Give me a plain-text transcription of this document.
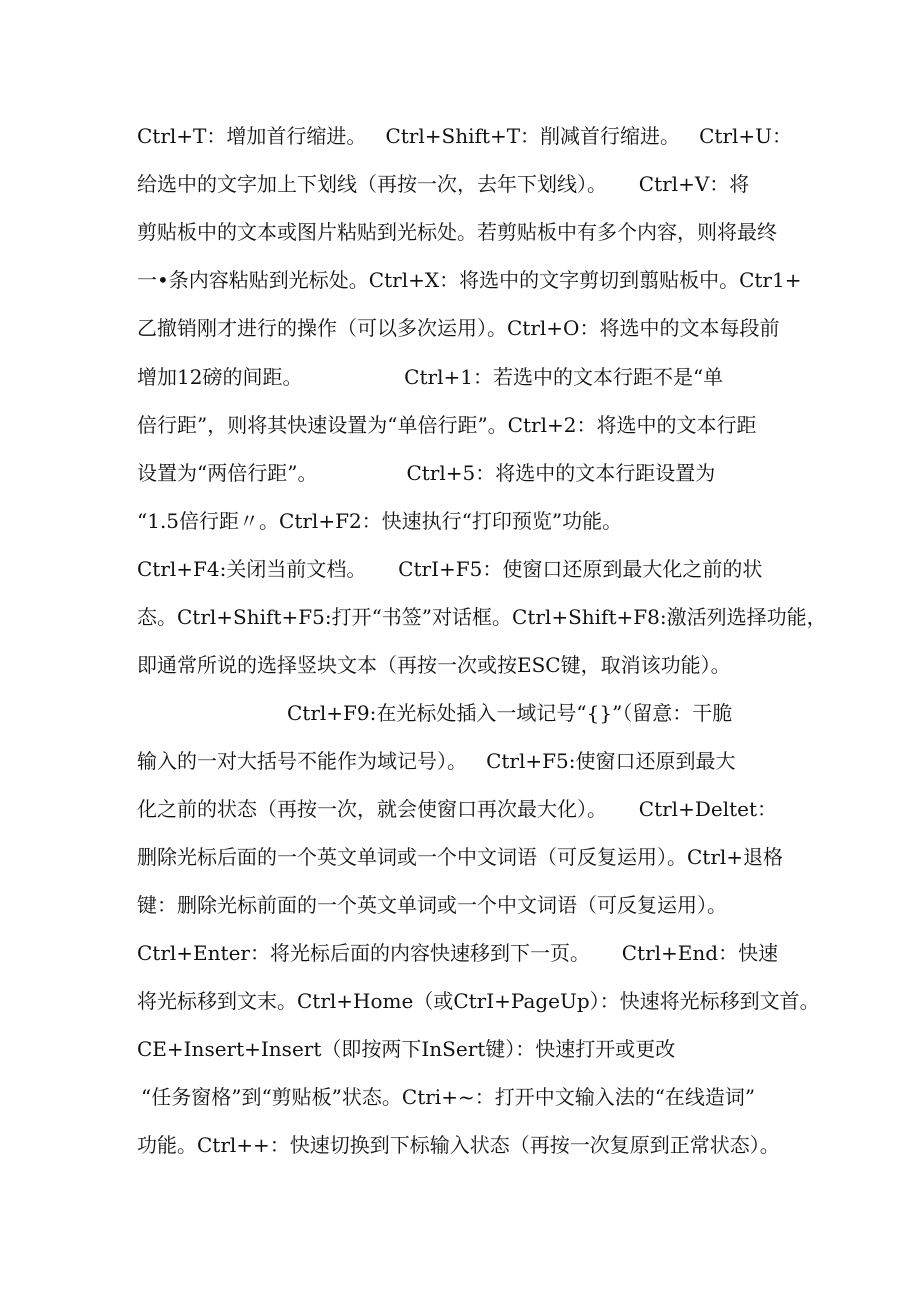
Ctrl+T：增加首行缩进。   Ctrl+Shift+T：削减首行缩进。   Ctrl+U：
给选中的文字加上下划线（再按一次，去年下划线）。     Ctrl+V：将
剪贴板中的文本或图片粘贴到光标处。若剪贴板中有多个内容，则将最终
一•条内容粘贴到光标处。Ctrl+X：将选中的文字剪切到翦贴板中。Ctr1+
乙撤销刚才进行的操作（可以多次运用）。Ctrl+O：将选中的文本每段前
增加12磅的间距。                Ctrl+1：若选中的文本行距不是“单
倍行距”，则将其快速设置为“单倍行距”。Ctrl+2：将选中的文本行距
设置为“两倍行距”。              Ctrl+5：将选中的文本行距设置为
“1.5倍行距〃。Ctrl+F2：快速执行“打印预览”功能。
Ctrl+F4:关闭当前文档。     CtrI+F5：使窗口还原到最大化之前的状
态。Ctrl+Shift+F5:打开“书签”对话框。Ctrl+Shift+F8:激活列选择功能，
即通常所说的选择竖块文本（再按一次或按ESC键，取消该功能）。
Ctrl+F9:在光标处插入一域记号“{}”（留意：干脆
输入的一对大括号不能作为域记号）。   Ctrl+F5:使窗口还原到最大
化之前的状态（再按一次，就会使窗口再次最大化）。     Ctrl+Deltet：
删除光标后面的一个英文单词或一个中文词语（可反复运用）。Ctrl+退格
键：删除光标前面的一个英文单词或一个中文词语（可反复运用）。
Ctrl+Enter：将光标后面的内容快速移到下一页。     Ctrl+End：快速
将光标移到文末。Ctrl+Home（或CtrI+PageUp）：快速将光标移到文首。
CE+Insert+Insert（即按两下InSert键）：快速打开或更改
“任务窗格”到“剪贴板”状态。Ctri+~：打开中文输入法的“在线造词”
功能。Ctrl++：快速切换到下标输入状态（再按一次复原到正常状态）。
